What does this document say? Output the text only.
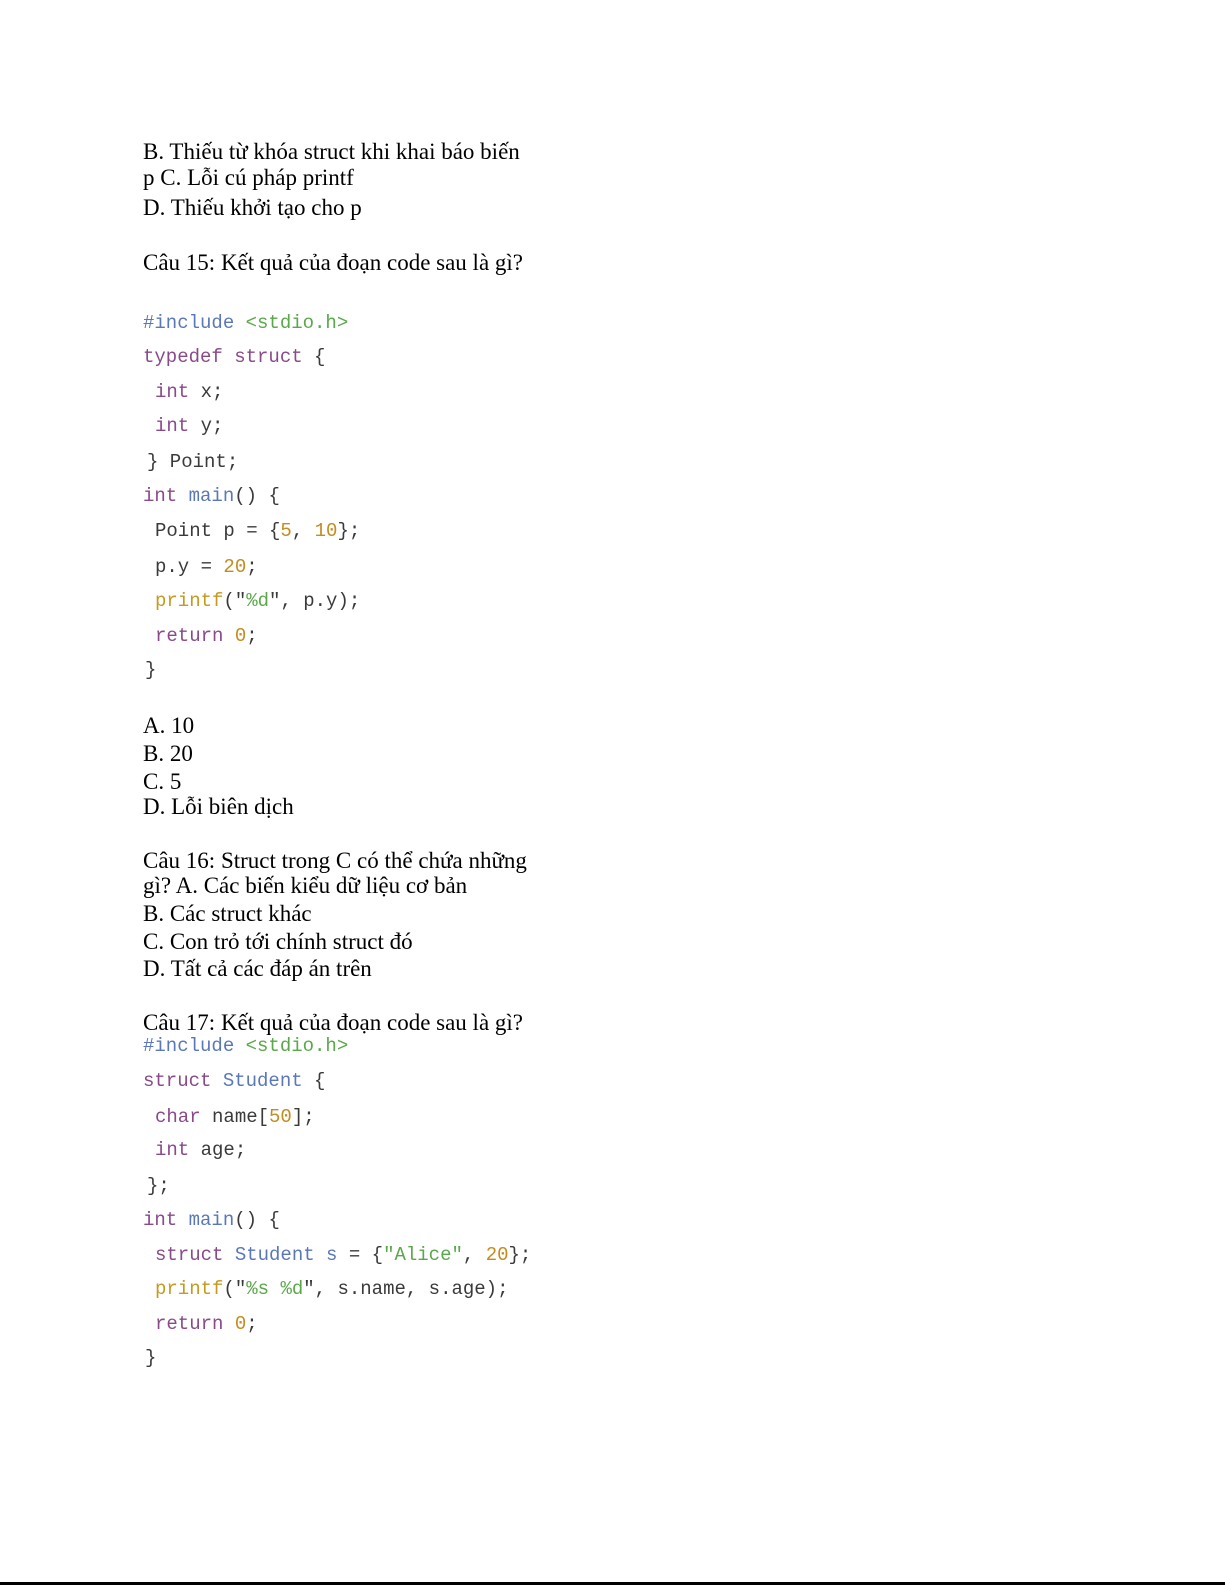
B. Thiếu từ khóa struct khi khai báo biến
p C. Lỗi cú pháp printf
D. Thiếu khởi tạo cho p
Câu 15: Kết quả của đoạn code sau là gì?
#include <stdio.h>
typedef struct {
int x;
int y;
} Point;
int main() {
Point p = {5, 10};
p.y = 20;
printf("%d", p.y);
return 0;
}
A. 10
B. 20
C. 5
D. Lỗi biên dịch
Câu 16: Struct trong C có thể chứa những
gì? A. Các biến kiểu dữ liệu cơ bản
B. Các struct khác
C. Con trỏ tới chính struct đó
D. Tất cả các đáp án trên
Câu 17: Kết quả của đoạn code sau là gì?
#include <stdio.h>
struct Student {
char name[50];
int age;
};
int main() {
struct Student s = {"Alice", 20};
printf("%s %d", s.name, s.age);
return 0;
}
